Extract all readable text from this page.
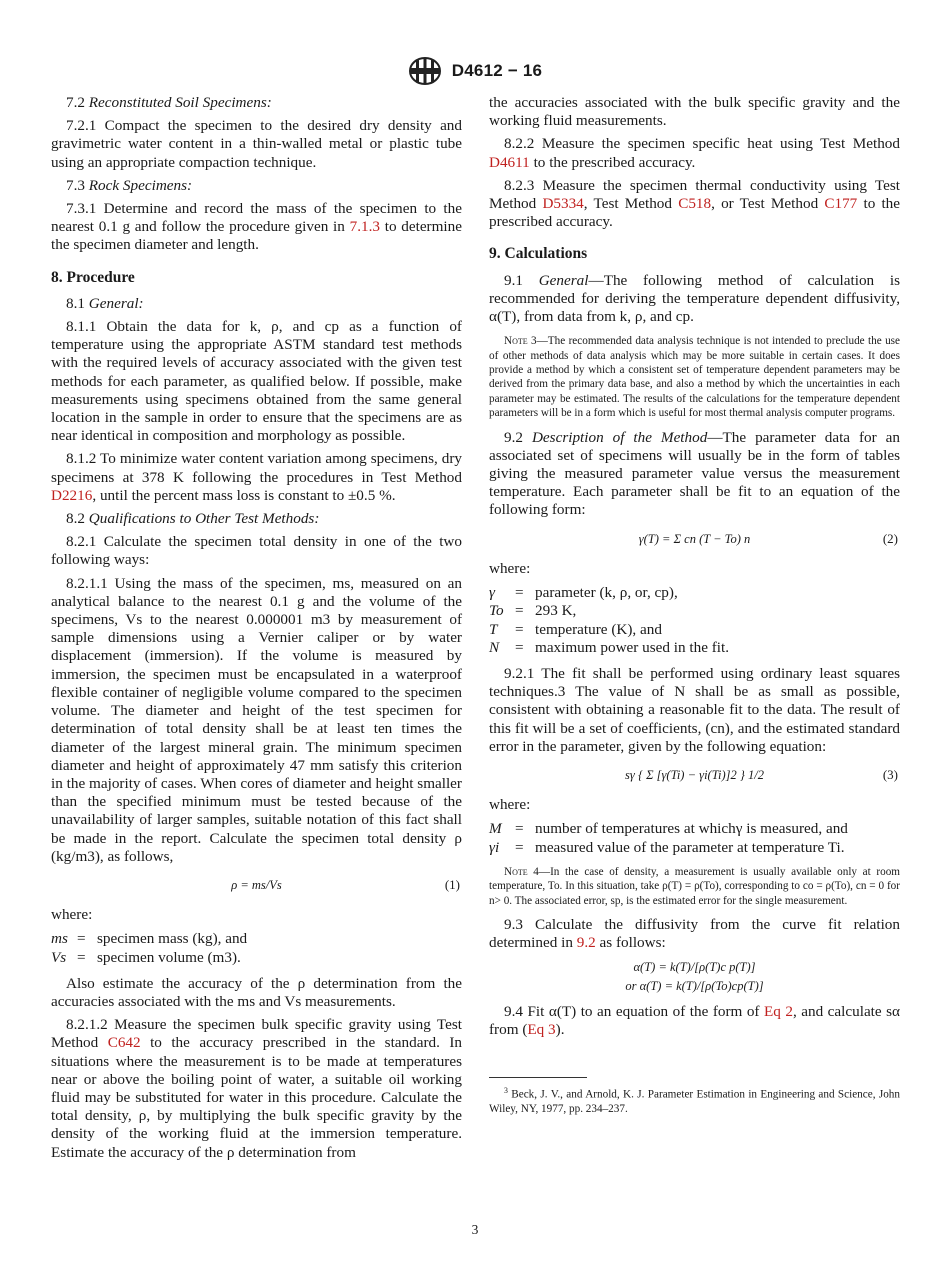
D4612 − 16

7.2 Reconstituted Soil Specimens:

7.2.1 Compact the specimen to the desired dry density and gravimetric water content in a thin-walled metal or plastic tube using an appropriate compaction technique.

7.3 Rock Specimens:

7.3.1 Determine and record the mass of the specimen to the nearest 0.1 g and follow the procedure given in 7.1.3 to determine the specimen diameter and length.

8. Procedure

8.1 General:

8.1.1 Obtain the data for k, ρ, and cp as a function of temperature using the appropriate ASTM standard test methods with the required levels of accuracy associated with the given test methods for each parameter, as qualified below. If possible, make measurements using specimens obtained from the same general location in the sample in order to ensure that the specimens are as near identical in composition and morphology as possible.

8.1.2 To minimize water content variation among specimens, dry specimens at 378 K following the procedures in Test Method D2216, until the percent mass loss is constant to ±0.5 %.

8.2 Qualifications to Other Test Methods:

8.2.1 Calculate the specimen total density in one of the two following ways:

8.2.1.1 Using the mass of the specimen, ms, measured on an analytical balance to the nearest 0.1 g and the volume of the specimens, Vs to the nearest 0.000001 m3 by measurement of sample dimensions using a Vernier caliper or by water displacement (immersion). If the volume is measured by immersion, the specimen must be encapsulated in a waterproof flexible container of negligible volume compared to the specimen volume. The diameter and height of the test specimen for determination of total density shall be at least ten times the diameter of the largest mineral grain. The minimum specimen diameter and height of approximately 47 mm satisfy this criterion in the majority of cases. When cores of diameter and height smaller than the specified minimum must be tested because of the unavailability of larger samples, suitable notation of this fact shall be made in the report. Calculate the specimen total density ρ (kg/m3), as follows,

ρ = ms/Vs	(1)

where:

ms = specimen mass (kg), and
Vs = specimen volume (m3).

Also estimate the accuracy of the ρ determination from the accuracies associated with the ms and Vs measurements.

8.2.1.2 Measure the specimen bulk specific gravity using Test Method C642 to the accuracy prescribed in the standard. In situations where the measurement is to be made at temperatures near or above the boiling point of water, a suitable oil working fluid may be substituted for water in this procedure. Calculate the total density, ρ, by multiplying the bulk specific gravity by the density of the working fluid at the immersion temperature. Estimate the accuracy of the ρ determination from

the accuracies associated with the bulk specific gravity and the working fluid measurements.

8.2.2 Measure the specimen specific heat using Test Method D4611 to the prescribed accuracy.

8.2.3 Measure the specimen thermal conductivity using Test Method D5334, Test Method C518, or Test Method C177 to the prescribed accuracy.

9. Calculations

9.1 General—The following method of calculation is recommended for deriving the temperature dependent diffusivity, α(T), from data from k, ρ, and cp.

Note 3—The recommended data analysis technique is not intended to preclude the use of other methods of data analysis which may be more suitable in certain cases. It does provide a method by which a consistent set of temperature dependent parameters may be derived from the primary data base, and also a method by which the uncertainties in each parameter may be estimated. The results of the calculations for the temperature dependent parameters will be in a form which is useful for most thermal analysis computer programs.

9.2 Description of the Method—The parameter data for an associated set of specimens will usually be in the form of tables giving the measured parameter value versus the measurement temperature. Each parameter shall be fit to an equation of the following form:

γ(T) = Σ cn (T − To) n	(2)

where:

γ	= parameter (k, ρ, or, cp),
To = 293 K,
T	= temperature (K), and
N	= maximum power used in the fit.

9.2.1 The fit shall be performed using ordinary least squares techniques.3 The value of N shall be as small as possible, consistent with obtaining a reasonable fit to the data. The result of this fit will be a set of coefficients, (cn), and the estimated standard error in the parameter, given by the following equation:

sγ { Σ [γ(Ti) − γi(Ti)]2 } 1/2	(3)

where:

M = number of temperatures at whichγ is measured, and
γi	= measured value of the parameter at temperature Ti.

Note 4—In the case of density, a measurement is usually available only at room temperature, To. In this situation, take ρ(T) = ρ(To), corresponding to co = ρ(To), cn = 0 for n> 0. The associated error, sp, is the estimated error for the single measurement.

9.3 Calculate the diffusivity from the curve fit relation determined in 9.2 as follows:

α(T) = k(T)/[ρ(T)c p(T)]
or α(T) = k(T)/[ρ(To)cp(T)]

9.4 Fit α(T) to an equation of the form of Eq 2, and calculate sα from (Eq 3).

$^3$ Beck, J. V., and Arnold, K. J. Parameter Estimation in Engineering and Science, John Wiley, NY, 1977, pp. 234–237.

3
